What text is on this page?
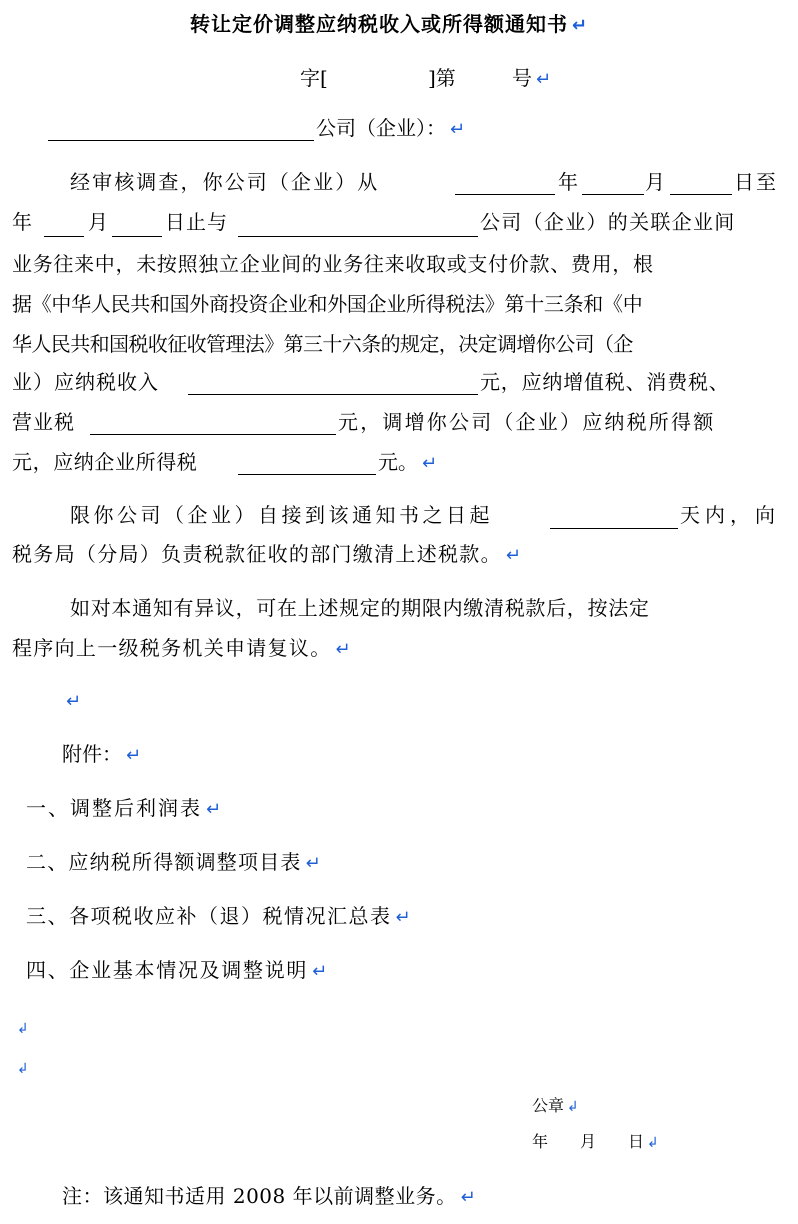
转让定价调整应纳税收入或所得额通知书 ↵
字[	]第	号 ↵
公司（企业）： ↵
经审核调查，你公司（企业）从	年	月	日至
年	月	日止与	公司（企业）的关联企业间
业务往来中，未按照独立企业间的业务往来收取或支付价款、费用，根
据《中华人民共和国外商投资企业和外国企业所得税法》第十三条和《中
华人民共和国税收征收管理法》第三十六条的规定，决定调增你公司（企
业）应纳税收入	元，应纳增值税、消费税、
营业税	元，调增你公司（企业）应纳税所得额
元，应纳企业所得税	元。 ↵
限你公司（企业）自接到该通知书之日起	天内，向
税务局（分局）负责税款征收的部门缴清上述税款。 ↵
如对本通知有异议，可在上述规定的期限内缴清税款后，按法定
程序向上一级税务机关申请复议。 ↵
↵
附件： ↵
一、调整后利润表 ↵
二、应纳税所得额调整项目表 ↵
三、各项税收应补（退）税情况汇总表 ↵
四、企业基本情况及调整说明 ↵
↲
↲
公章 ↲
年 月 日 ↲
注：该通知书适用 2008 年以前调整业务。 ↵
